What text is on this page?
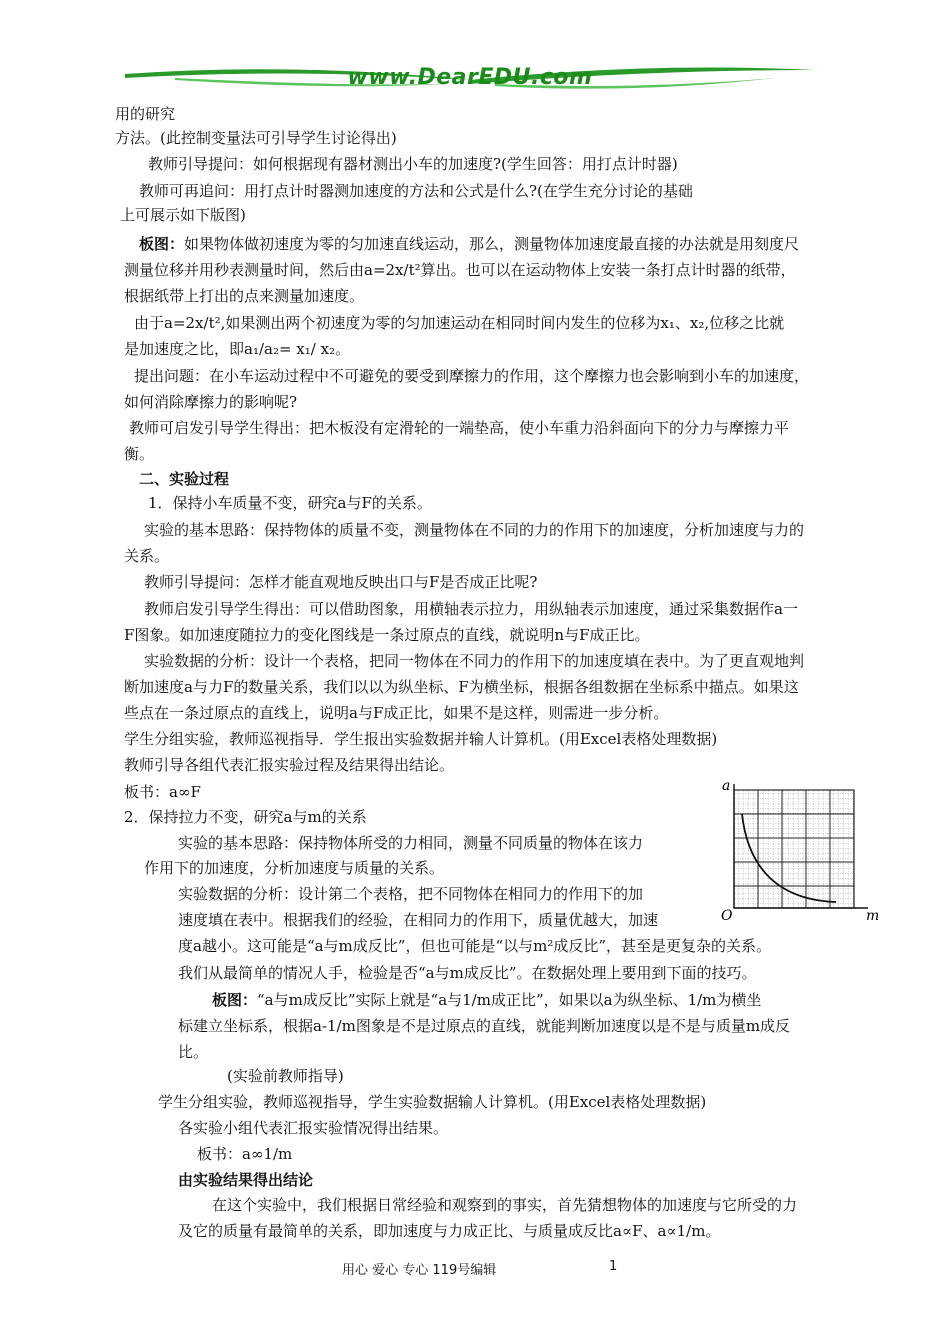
www.DearEDU.com
用的研究
方法。(此控制变量法可引导学生讨论得出)
教师引导提问：如何根据现有器材测出小车的加速度?(学生回答：用打点计时器)
教师可再追问：用打点计时器测加速度的方法和公式是什么?(在学生充分讨论的基础
上可展示如下版图)
板图：如果物体做初速度为零的匀加速直线运动，那么，测量物体加速度最直接的办法就是用刻度尺
测量位移并用秒表测量时间，然后由a=2x/t²算出。也可以在运动物体上安装一条打点计时器的纸带，
根据纸带上打出的点来测量加速度。
由于a=2x/t²,如果测出两个初速度为零的匀加速运动在相同时间内发生的位移为x₁、x₂,位移之比就
是加速度之比，即a₁/a₂= x₁/ x₂。
提出问题：在小车运动过程中不可避免的要受到摩擦力的作用，这个摩擦力也会影响到小车的加速度，
如何消除摩擦力的影响呢?
教师可启发引导学生得出：把木板没有定滑轮的一端垫高，使小车重力沿斜面向下的分力与摩擦力平
衡。
二、实验过程
1．保持小车质量不变，研究a与F的关系。
实验的基本思路：保持物体的质量不变，测量物体在不同的力的作用下的加速度，分析加速度与力的
关系。
教师引导提问：怎样才能直观地反映出口与F是否成正比呢?
教师启发引导学生得出：可以借助图象，用横轴表示拉力，用纵轴表示加速度，通过采集数据作a一
F图象。如加速度随拉力的变化图线是一条过原点的直线，就说明n与F成正比。
实验数据的分析：设计一个表格，把同一物体在不同力的作用下的加速度填在表中。为了更直观地判
断加速度a与力F的数量关系，我们以以为纵坐标、F为横坐标，根据各组数据在坐标系中描点。如果这
些点在一条过原点的直线上，说明a与F成正比，如果不是这样，则需进一步分析。
学生分组实验，教师巡视指导．学生报出实验数据并输人计算机。(用Excel表格处理数据)
教师引导各组代表汇报实验过程及结果得出结论。
板书：a∞F
2．保持拉力不变，研究a与m的关系
实验的基本思路：保持物体所受的力相同，测量不同质量的物体在该力
作用下的加速度，分析加速度与质量的关系。
实验数据的分析：设计第二个表格，把不同物体在相同力的作用下的加
速度填在表中。根据我们的经验，在相同力的作用下，质量优越大，加速
度a越小。这可能是“a与m成反比”，但也可能是“以与m²成反比”，甚至是更复杂的关系。
我们从最简单的情况人手，检验是否“a与m成反比”。在数据处理上要用到下面的技巧。
板图：“a与m成反比”实际上就是“a与1/m成正比”，如果以a为纵坐标、1/m为横坐
标建立坐标系，根据a-1/m图象是不是过原点的直线，就能判断加速度以是不是与质量m成反
比。
(实验前教师指导)
学生分组实验，教师巡视指导，学生实验数据输人计算机。(用Excel表格处理数据)
各实验小组代表汇报实验情况得出结果。
板书：a∞1/m
由实验结果得出结论
在这个实验中，我们根据日常经验和观察到的事实，首先猜想物体的加速度与它所受的力
及它的质量有最简单的关系，即加速度与力成正比、与质量成反比a∝F、a∝1/m。
a
O	m
用心 爱心 专心 119号编辑	1
